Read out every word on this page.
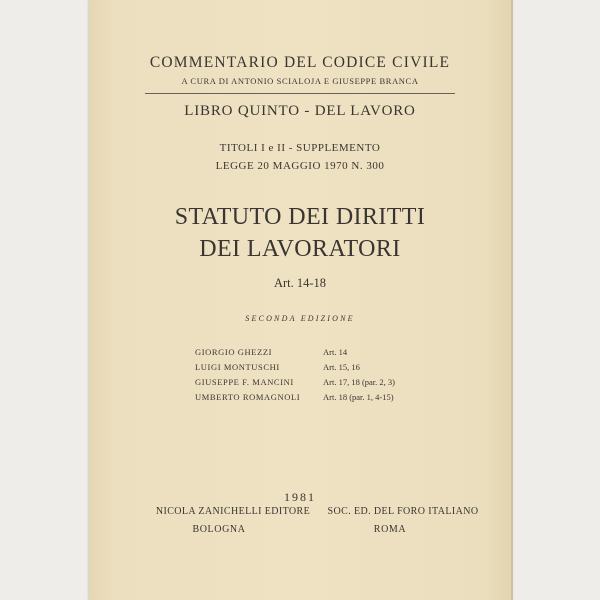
COMMENTARIO DEL CODICE CIVILE
A CURA DI ANTONIO SCIALOJA E GIUSEPPE BRANCA
LIBRO QUINTO - DEL LAVORO
TITOLI I e II - SUPPLEMENTO
LEGGE 20 MAGGIO 1970 N. 300
STATUTO DEI DIRITTI
DEI LAVORATORI
Art. 14-18
SECONDA EDIZIONE
GIORGIO GHEZZI	Art. 14
LUIGI MONTUSCHI	Art. 15, 16
GIUSEPPE F. MANCINI	Art. 17, 18 (par. 2, 3)
UMBERTO ROMAGNOLI	Art. 18 (par. 1, 4-15)
1981
NICOLA ZANICHELLI EDITORE
BOLOGNA
SOC. ED. DEL FORO ITALIANO
ROMA
